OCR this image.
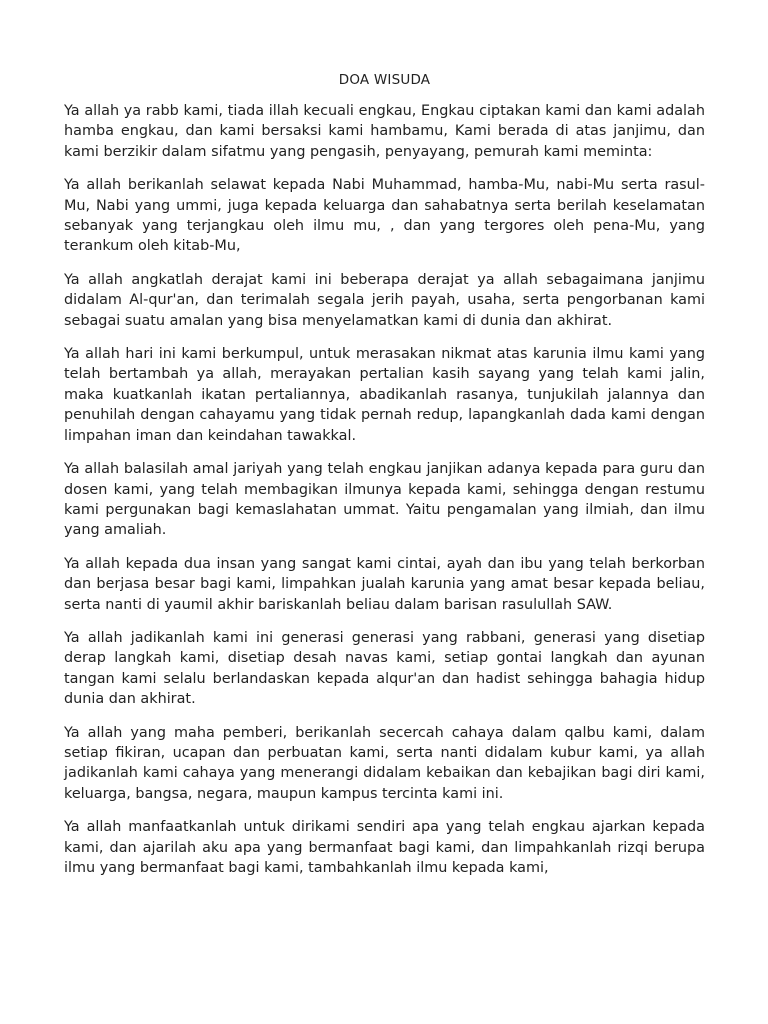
DOA WISUDA

Ya allah ya rabb kami, tiada illah kecuali engkau, Engkau ciptakan kami dan kami adalah hamba engkau, dan kami bersaksi kami hambamu, Kami berada di atas janjimu, dan kami berzikir dalam sifatmu yang pengasih, penyayang, pemurah kami meminta:

Ya allah berikanlah selawat kepada Nabi Muhammad, hamba-Mu, nabi-Mu serta rasul-Mu, Nabi yang ummi, juga kepada keluarga dan sahabatnya serta berilah keselamatan sebanyak yang terjangkau oleh ilmu mu, , dan yang tergores oleh pena-Mu, yang terankum oleh kitab-Mu,

Ya allah angkatlah derajat kami ini beberapa derajat ya allah sebagaimana janjimu didalam Al-qur'an, dan terimalah segala jerih payah, usaha, serta pengorbanan kami sebagai suatu amalan yang bisa menyelamatkan kami di dunia dan akhirat.

Ya allah hari ini kami berkumpul, untuk merasakan nikmat atas karunia ilmu kami yang telah bertambah ya allah, merayakan pertalian kasih sayang yang telah kami jalin, maka kuatkanlah ikatan pertaliannya, abadikanlah rasanya, tunjukilah jalannya dan penuhilah dengan cahayamu yang tidak pernah redup, lapangkanlah dada kami dengan limpahan iman dan keindahan tawakkal.

Ya allah balasilah amal jariyah yang telah engkau janjikan adanya kepada para guru dan dosen kami, yang telah membagikan ilmunya kepada kami, sehingga dengan restumu kami pergunakan bagi kemaslahatan ummat. Yaitu pengamalan yang ilmiah, dan ilmu yang amaliah.

Ya allah kepada dua insan yang sangat kami cintai, ayah dan ibu yang telah berkorban dan berjasa besar bagi kami, limpahkan jualah karunia yang amat besar kepada beliau, serta nanti di yaumil akhir bariskanlah beliau dalam barisan rasulullah SAW.

Ya allah jadikanlah kami ini generasi generasi yang rabbani, generasi yang disetiap derap langkah kami, disetiap desah navas kami, setiap gontai langkah dan ayunan tangan kami selalu berlandaskan kepada alqur'an dan hadist sehingga bahagia hidup dunia dan akhirat.

Ya allah yang maha pemberi, berikanlah secercah cahaya dalam qalbu kami, dalam setiap fikiran, ucapan dan perbuatan kami, serta nanti didalam kubur kami, ya allah jadikanlah kami cahaya yang menerangi didalam kebaikan dan kebajikan bagi diri kami, keluarga, bangsa, negara, maupun kampus tercinta kami ini.

Ya allah manfaatkanlah untuk dirikami sendiri apa yang telah engkau ajarkan kepada kami, dan ajarilah aku apa yang bermanfaat bagi kami, dan limpahkanlah rizqi berupa ilmu yang bermanfaat bagi kami, tambahkanlah ilmu kepada kami,
